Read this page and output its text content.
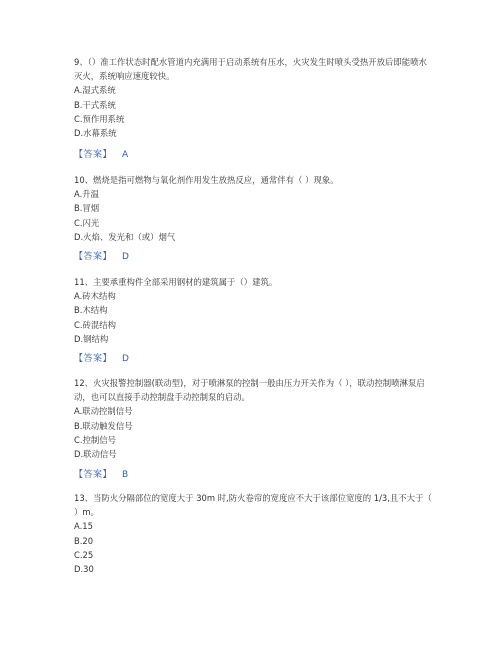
9、（）准工作状态时配水管道内充满用于启动系统有压水，火灾发生时喷头受热开放后即能喷水灭火，系统响应速度较快。

A.湿式系统

B.干式系统

C.预作用系统

D.水幕系统

【答案】 A

10、燃烧是指可燃物与氧化剂作用发生放热反应，通常伴有（ ）现象。

A.升温

B.冒烟

C.闪光

D.火焰、发光和（或）烟气

【答案】 D

11、主要承重构件全部采用钢材的建筑属于（）建筑。

A.砖木结构

B.木结构

C.砖混结构

D.钢结构

【答案】 D

12、火灾报警控制器(联动型)，对于喷淋泵的控制一般由压力开关作为（ ），联动控制喷淋泵启动，也可以直接手动控制盘手动控制泵的启动。

A.联动控制信号

B.联动触发信号

C.控制信号

D.联动信号

【答案】 B

13、当防火分隔部位的宽度大于 30m 时,防火卷帘的宽度应不大于该部位宽度的 1/3,且不大于（ ）m。

A.15

B.20

C.25

D.30
